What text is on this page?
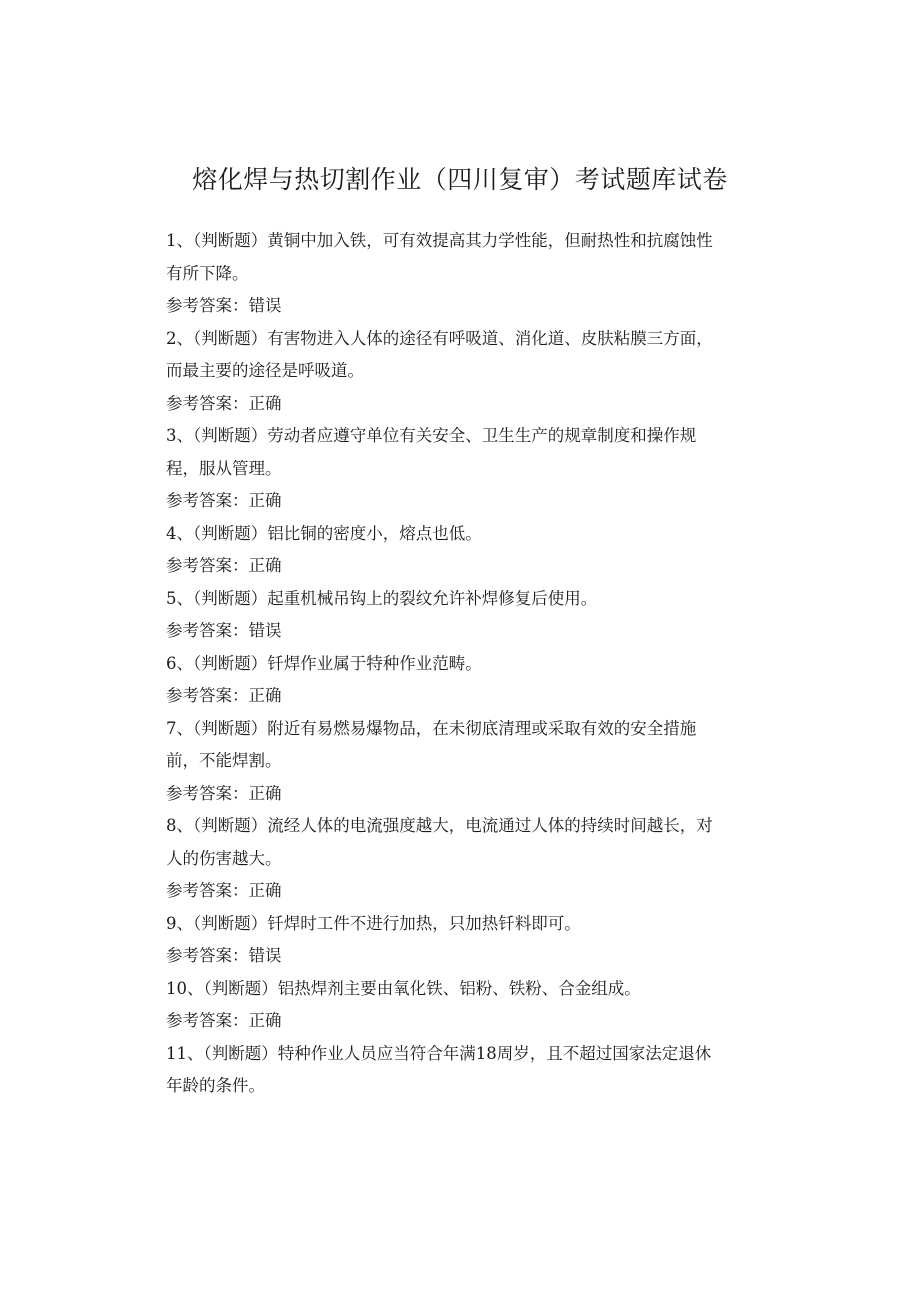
熔化焊与热切割作业（四川复审）考试题库试卷
1、（判断题）黄铜中加入铁，可有效提高其力学性能，但耐热性和抗腐蚀性
有所下降。
参考答案：错误
2、（判断题）有害物进入人体的途径有呼吸道、消化道、皮肤粘膜三方面，
而最主要的途径是呼吸道。
参考答案：正确
3、（判断题）劳动者应遵守单位有关安全、卫生生产的规章制度和操作规
程，服从管理。
参考答案：正确
4、（判断题）铝比铜的密度小，熔点也低。
参考答案：正确
5、（判断题）起重机械吊钩上的裂纹允许补焊修复后使用。
参考答案：错误
6、（判断题）钎焊作业属于特种作业范畴。
参考答案：正确
7、（判断题）附近有易燃易爆物品，在未彻底清理或采取有效的安全措施
前，不能焊割。
参考答案：正确
8、（判断题）流经人体的电流强度越大，电流通过人体的持续时间越长，对
人的伤害越大。
参考答案：正确
9、（判断题）钎焊时工件不进行加热，只加热钎料即可。
参考答案：错误
10、（判断题）铝热焊剂主要由氧化铁、铝粉、铁粉、合金组成。
参考答案：正确
11、（判断题）特种作业人员应当符合年满18周岁，且不超过国家法定退休
年龄的条件。
